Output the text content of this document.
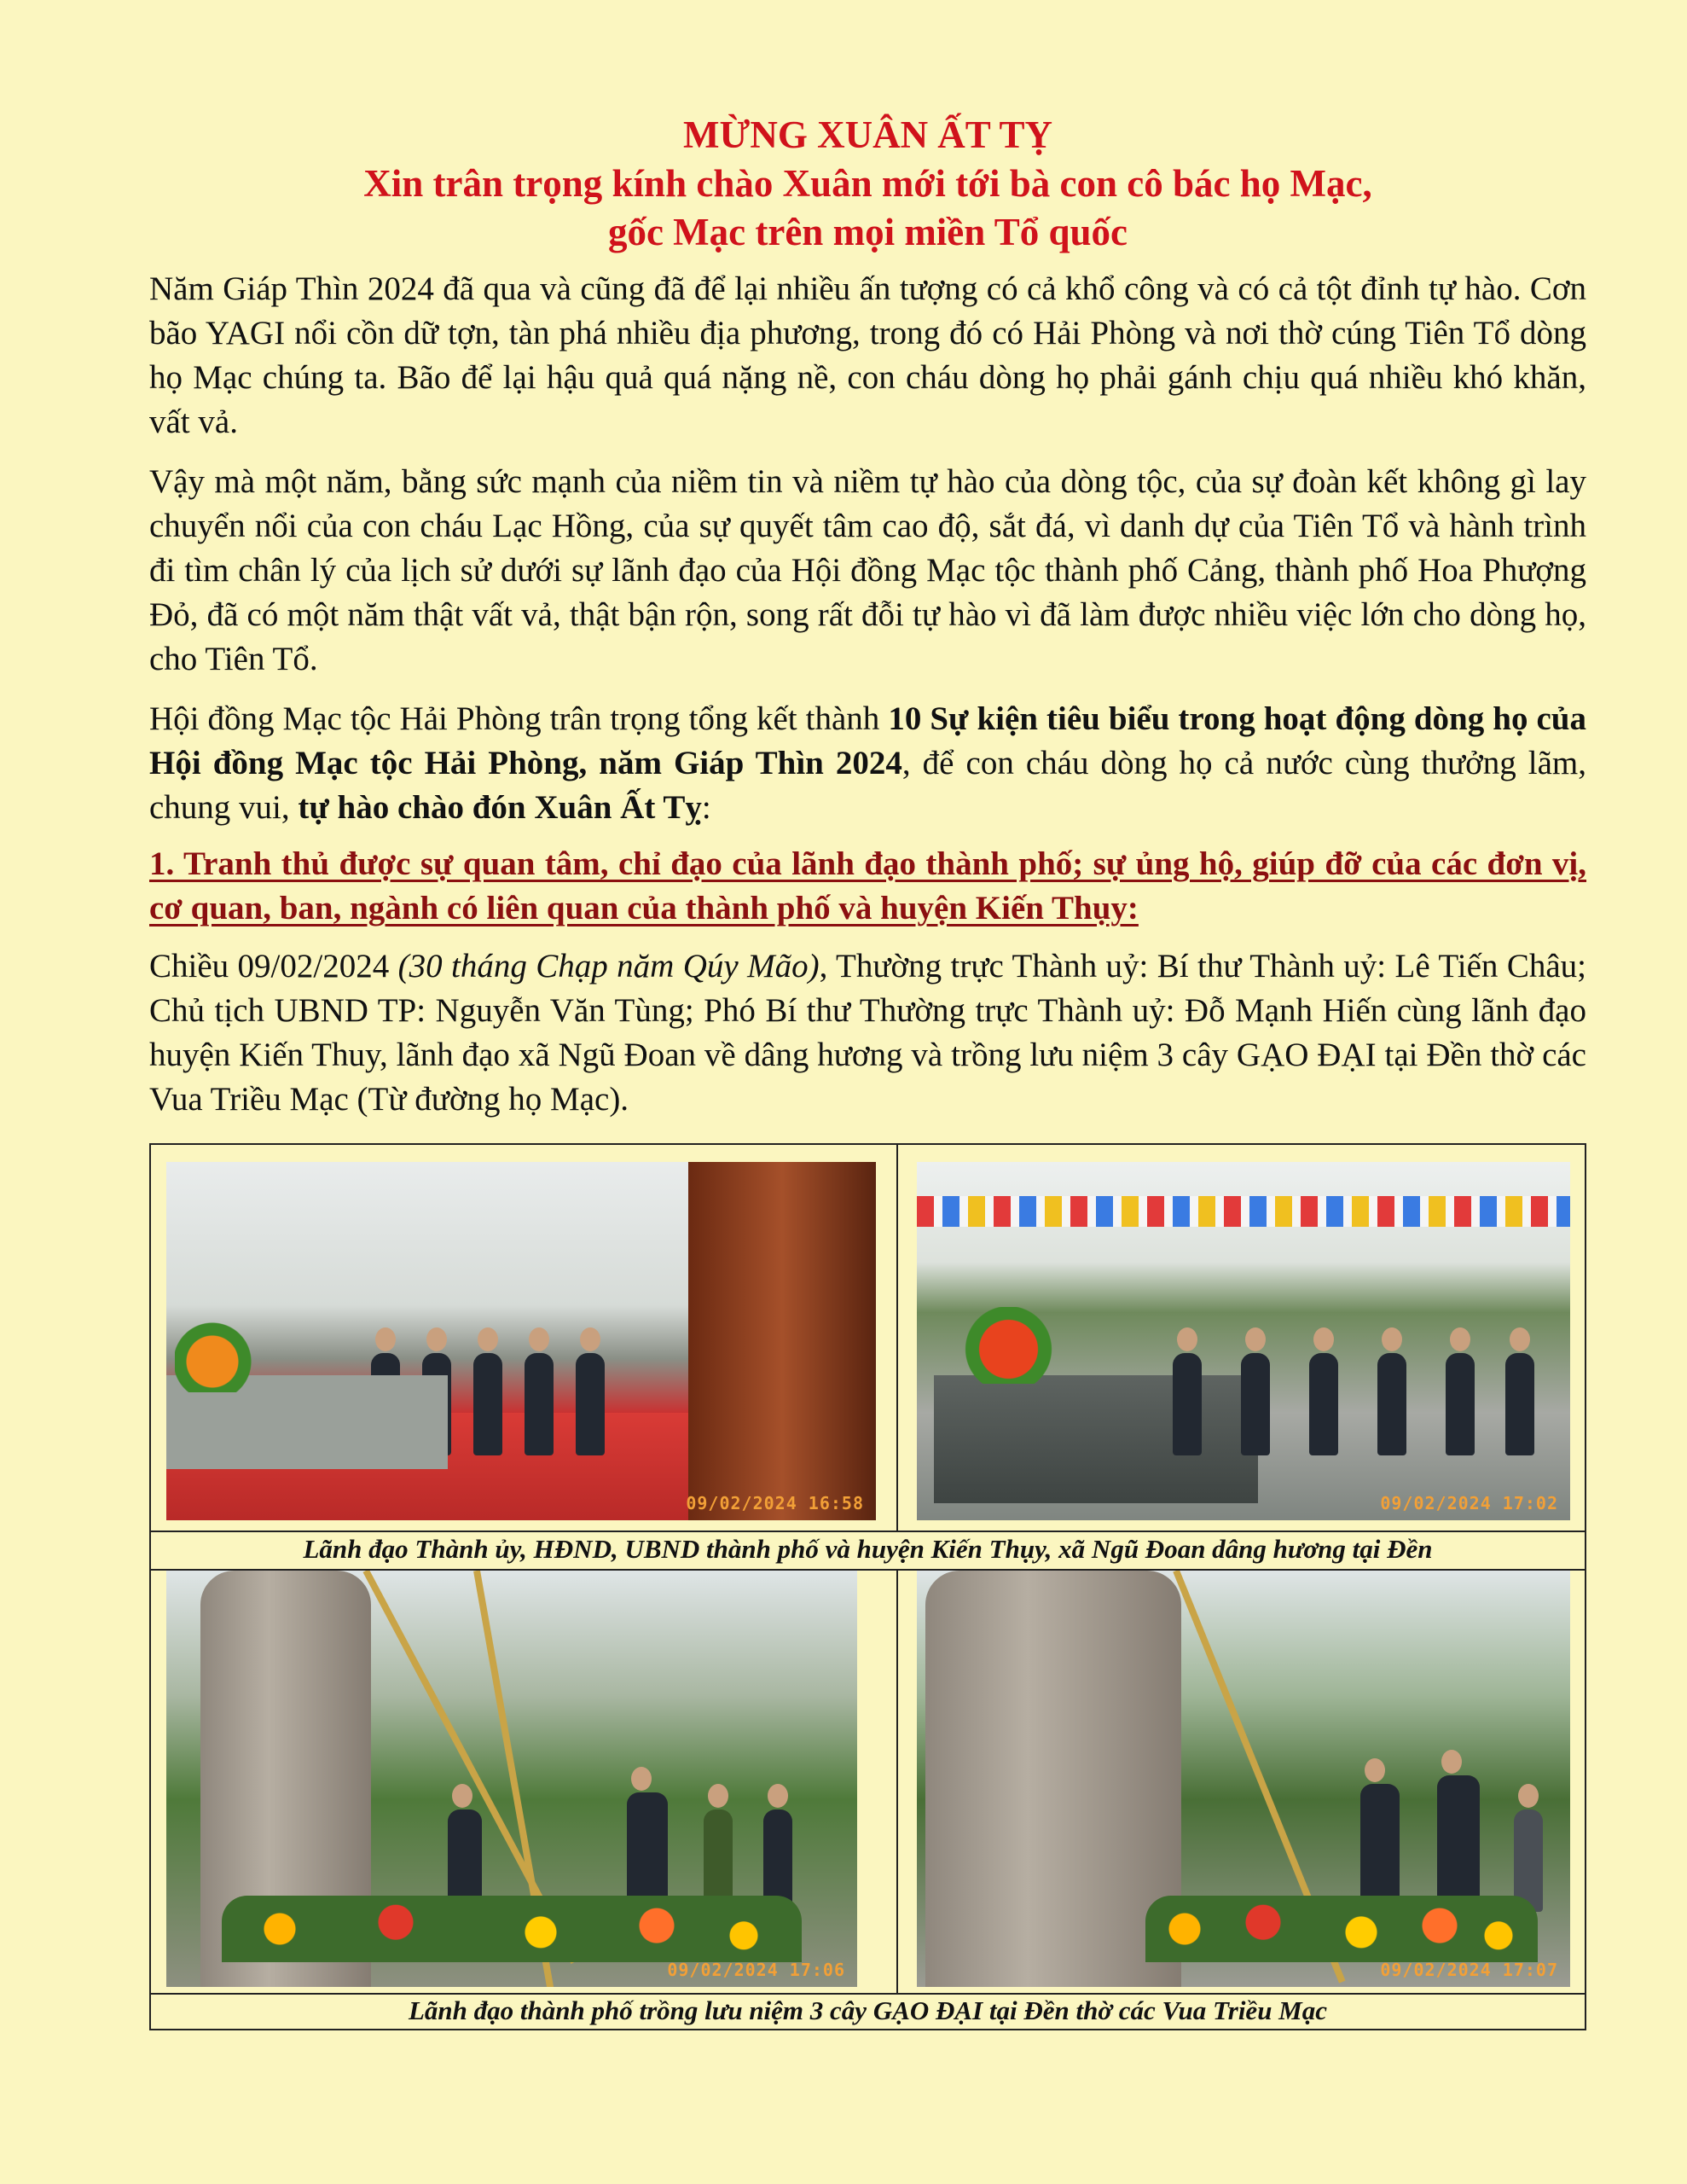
MỪNG XUÂN ẤT TỴ

Xin trân trọng kính chào Xuân mới tới bà con cô bác họ Mạc,

gốc Mạc trên mọi miền Tổ quốc

Năm Giáp Thìn 2024 đã qua và cũng đã để lại nhiều ấn tượng có cả khổ công và có cả tột đỉnh tự hào. Cơn bão YAGI nổi cồn dữ tợn, tàn phá nhiều địa phương, trong đó có Hải Phòng và nơi thờ cúng Tiên Tổ dòng họ Mạc chúng ta. Bão để lại hậu quả quá nặng nề, con cháu dòng họ phải gánh chịu quá nhiều khó khăn, vất vả.

Vậy mà một năm, bằng sức mạnh của niềm tin và niềm tự hào của dòng tộc, của sự đoàn kết không gì lay chuyển nổi của con cháu Lạc Hồng, của sự quyết tâm cao độ, sắt đá, vì danh dự của Tiên Tổ và hành trình đi tìm chân lý của lịch sử dưới sự lãnh đạo của Hội đồng Mạc tộc thành phố Cảng, thành phố Hoa Phượng Đỏ, đã có một năm thật vất vả, thật bận rộn, song rất đỗi tự hào vì đã làm được nhiều việc lớn cho dòng họ, cho Tiên Tổ.

Hội đồng Mạc tộc Hải Phòng trân trọng tổng kết thành 10 Sự kiện tiêu biểu trong hoạt động dòng họ của Hội đồng Mạc tộc Hải Phòng, năm Giáp Thìn 2024, để con cháu dòng họ cả nước cùng thưởng lãm, chung vui, tự hào chào đón Xuân Ất Tỵ:

1. Tranh thủ được sự quan tâm, chỉ đạo của lãnh đạo thành phố; sự ủng hộ, giúp đỡ của các đơn vị, cơ quan, ban, ngành có liên quan của thành phố và huyện Kiến Thụy:

Chiều 09/02/2024 (30 tháng Chạp năm Qúy Mão), Thường trực Thành uỷ: Bí thư Thành uỷ: Lê Tiến Châu; Chủ tịch UBND TP: Nguyễn Văn Tùng; Phó Bí thư Thường trực Thành uỷ: Đỗ Mạnh Hiến cùng lãnh đạo huyện Kiến Thuy, lãnh đạo xã Ngũ Đoan về dâng hương và trồng lưu niệm 3 cây GẠO ĐẠI tại Đền thờ các Vua Triều Mạc (Từ đường họ Mạc).

09/02/2024 16:58	09/02/2024 17:02
Lãnh đạo Thành ủy, HĐND, UBND thành phố và huyện Kiến Thụy, xã Ngũ Đoan dâng hương tại Đền
09/02/2024 17:06	09/02/2024 17:07
Lãnh đạo thành phố trồng lưu niệm 3 cây GẠO ĐẠI tại Đền thờ các Vua Triều Mạc
